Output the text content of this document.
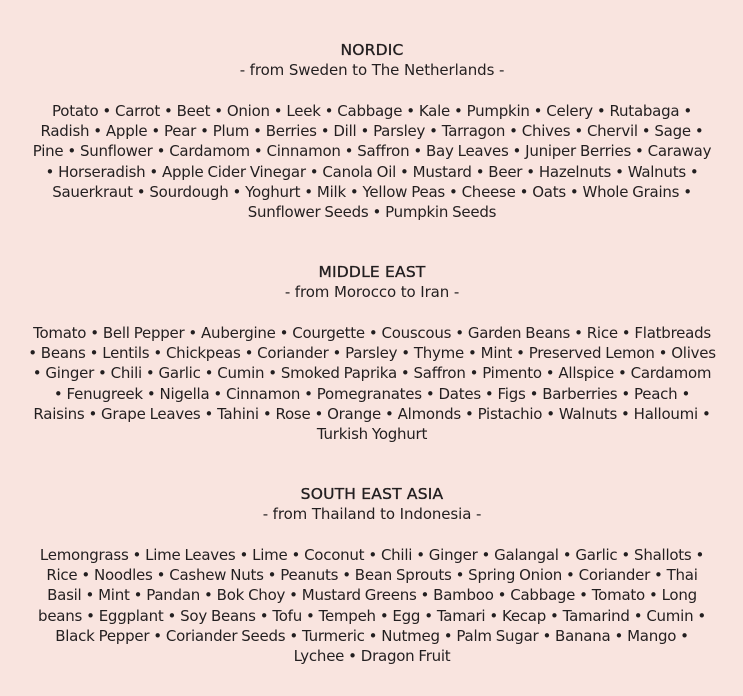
NORDIC

- from Sweden to The Netherlands -

Potato • Carrot • Beet • Onion • Leek • Cabbage • Kale • Pumpkin • Celery • Rutabaga • Radish • Apple • Pear • Plum • Berries • Dill • Parsley • Tarragon • Chives • Chervil • Sage • Pine • Sunflower • Cardamom • Cinnamon • Saffron • Bay Leaves • Juniper Berries • Caraway • Horseradish • Apple Cider Vinegar • Canola Oil • Mustard • Beer • Hazelnuts • Walnuts • Sauerkraut • Sourdough • Yoghurt • Milk • Yellow Peas • Cheese • Oats • Whole Grains • Sunflower Seeds • Pumpkin Seeds

MIDDLE EAST

- from Morocco to Iran -

Tomato • Bell Pepper • Aubergine • Courgette • Couscous • Garden Beans • Rice • Flatbreads • Beans • Lentils • Chickpeas • Coriander • Parsley • Thyme • Mint • Preserved Lemon • Olives • Ginger • Chili • Garlic • Cumin • Smoked Paprika • Saffron • Pimento • Allspice • Cardamom • Fenugreek • Nigella • Cinnamon • Pomegranates • Dates • Figs • Barberries • Peach • Raisins • Grape Leaves • Tahini • Rose • Orange • Almonds • Pistachio • Walnuts • Halloumi • Turkish Yoghurt

SOUTH EAST ASIA

- from Thailand to Indonesia -

Lemongrass • Lime Leaves • Lime • Coconut • Chili • Ginger • Galangal • Garlic • Shallots • Rice • Noodles • Cashew Nuts • Peanuts • Bean Sprouts • Spring Onion • Coriander • Thai Basil • Mint • Pandan • Bok Choy • Mustard Greens • Bamboo • Cabbage • Tomato • Long beans • Eggplant • Soy Beans • Tofu • Tempeh • Egg • Tamari • Kecap • Tamarind • Cumin • Black Pepper • Coriander Seeds • Turmeric • Nutmeg • Palm Sugar • Banana • Mango • Lychee • Dragon Fruit
